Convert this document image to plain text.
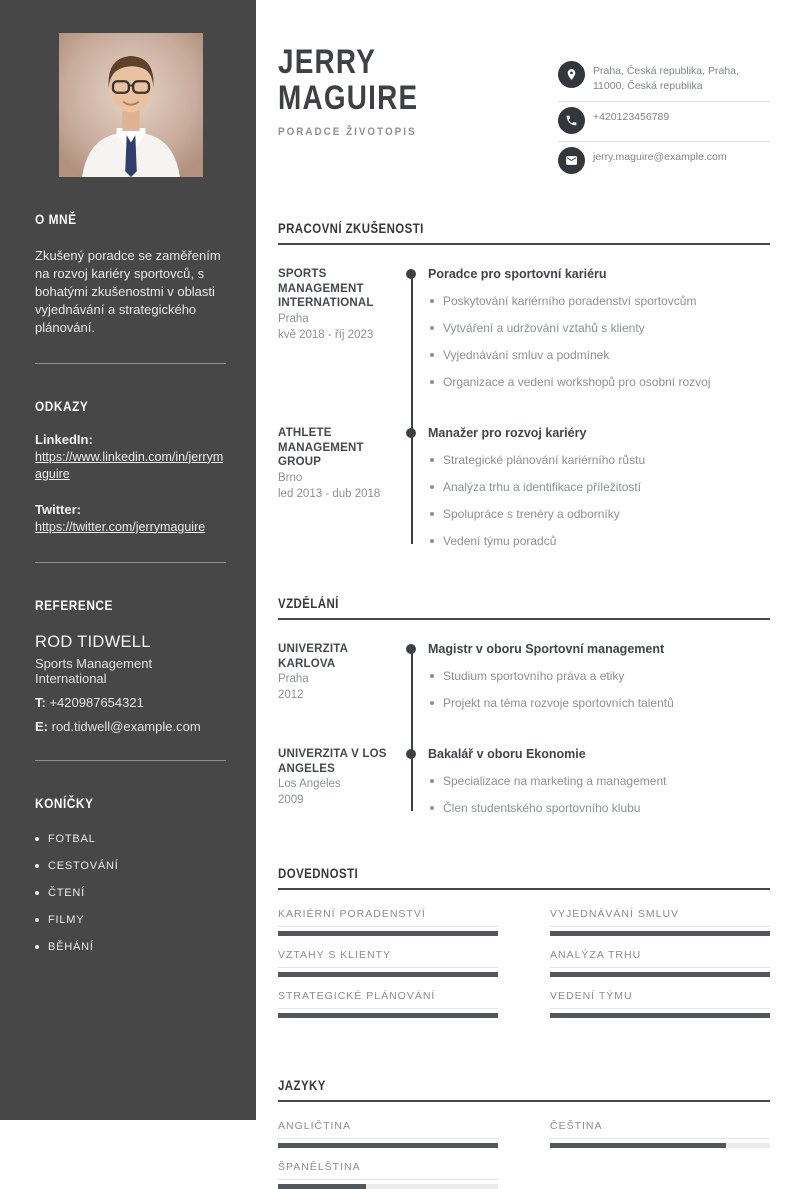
O MNĚ

Zkušený poradce se zaměřením na rozvoj kariéry sportovců, s bohatými zkušenostmi v oblasti vyjednávání a strategického plánování.

ODKAZY
LinkedIn:
https://www.linkedin.com/in/jerrymaguire
Twitter:
https://twitter.com/jerrymaguire
REFERENCE
ROD TIDWELL
Sports Management International
T: +420987654321
E: rod.tidwell@example.com
KONÍČKY
FOTBAL
CESTOVÁNÍ
ČTENÍ
FILMY
BĚHÁNÍ
JERRY
MAGUIRE
PORADCE ŽIVOTOPIS
Praha, Česká republika, Praha, 11000, Česká republika
+420123456789
jerry.maguire@example.com
PRACOVNÍ ZKUŠENOSTI
SPORTS MANAGEMENT INTERNATIONAL
Praha
kvě 2018 - říj 2023
Poradce pro sportovní kariéru
Poskytování kariérního poradenství sportovcům
Vytváření a udržování vztahů s klienty
Vyjednávání smluv a podmínek
Organizace a vedení workshopů pro osobní rozvoj
ATHLETE MANAGEMENT GROUP
Brno
led 2013 - dub 2018
Manažer pro rozvoj kariéry
Strategické plánování kariérního růstu
Analýza trhu a identifikace příležitostí
Spolupráce s trenéry a odborníky
Vedení týmu poradců
VZDĚLÁNÍ
UNIVERZITA KARLOVA
Praha
2012
Magistr v oboru Sportovní management
Studium sportovního práva a etiky
Projekt na téma rozvoje sportovních talentů
UNIVERZITA V LOS ANGELES
Los Angeles
2009
Bakalář v oboru Ekonomie
Specializace na marketing a management
Člen studentského sportovního klubu
DOVEDNOSTI
KARIÉRNÍ PORADENSTVÍ	VYJEDNÁVÁNÍ SMLUV
VZTAHY S KLIENTY	ANALÝZA TRHU
STRATEGICKÉ PLÁNOVÁNÍ	VEDENÍ TÝMU
JAZYKY
ANGLIČTINA	ČEŠTINA
ŠPANĚLŠTINA
